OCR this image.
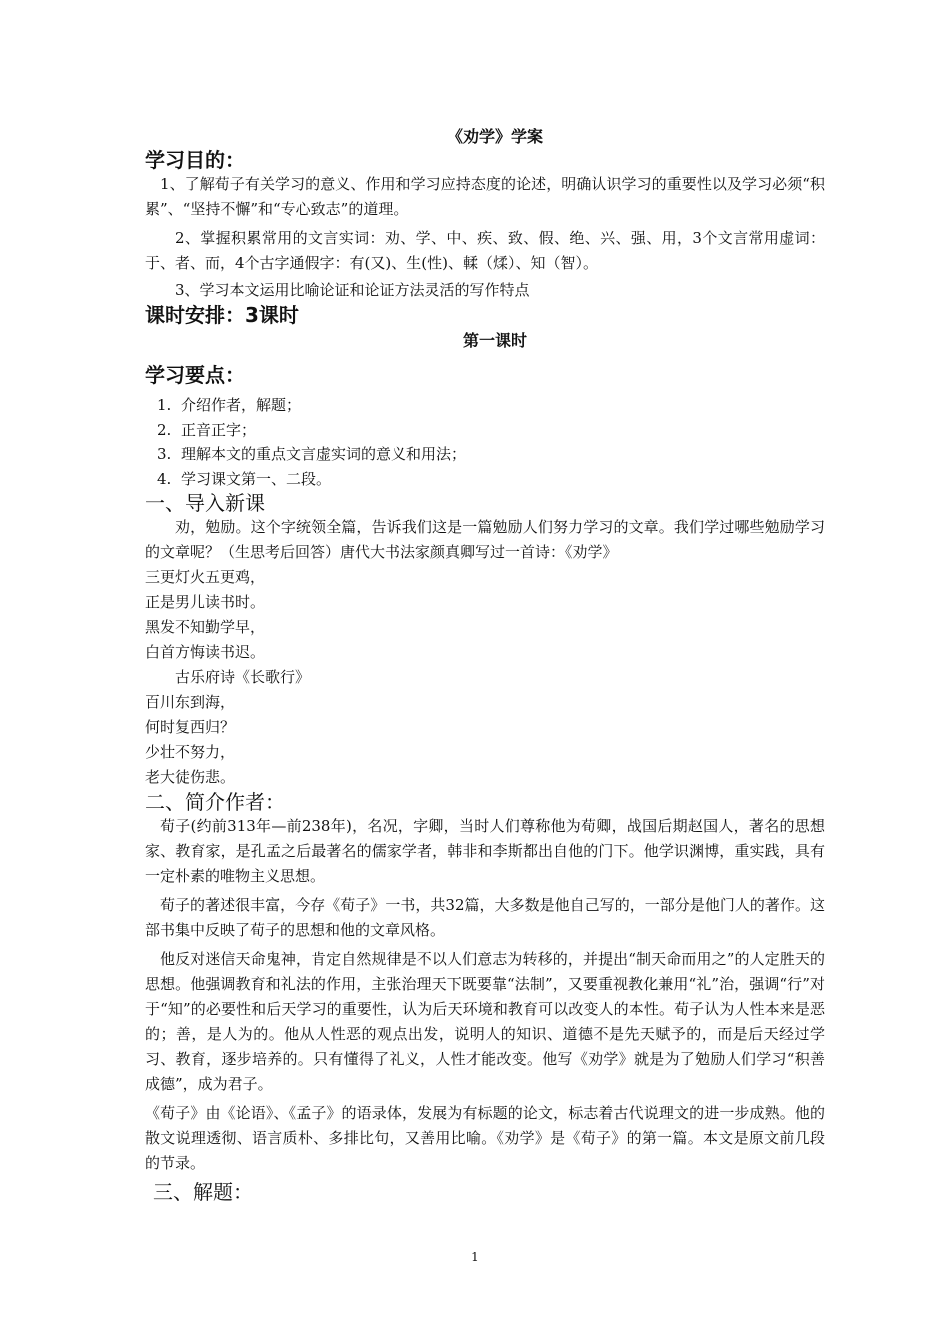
《劝学》学案

学习目的：

1、了解荀子有关学习的意义、作用和学习应持态度的论述，明确认识学习的重要性以及学习必须“积累”、“坚持不懈”和“专心致志”的道理。

2、掌握积累常用的文言实词：劝、学、中、疾、致、假、绝、兴、强、用，3个文言常用虚词：于、者、而，4个古字通假字：有(又)、生(性)、輮（煣）、知（智）。

3、学习本文运用比喻论证和论证方法灵活的写作特点

课时安排：3课时

第一课时

学习要点：

1. 介绍作者，解题；
2. 正音正字；
3. 理解本文的重点文言虚实词的意义和用法；
4. 学习课文第一、二段。

一、导入新课

劝，勉励。这个字统领全篇，告诉我们这是一篇勉励人们努力学习的文章。我们学过哪些勉励学习的文章呢？（生思考后回答）唐代大书法家颜真卿写过一首诗：《劝学》

三更灯火五更鸡，

正是男儿读书时。

黑发不知勤学早，

白首方悔读书迟。

古乐府诗《长歌行》

百川东到海，

何时复西归？

少壮不努力，

老大徒伤悲。

二、简介作者：

荀子(约前313年—前238年)，名况，字卿，当时人们尊称他为荀卿，战国后期赵国人，著名的思想家、教育家，是孔孟之后最著名的儒家学者，韩非和李斯都出自他的门下。他学识渊博，重实践，具有一定朴素的唯物主义思想。

荀子的著述很丰富，今存《荀子》一书，共32篇，大多数是他自己写的，一部分是他门人的著作。这部书集中反映了荀子的思想和他的文章风格。

他反对迷信天命鬼神，肯定自然规律是不以人们意志为转移的，并提出“制天命而用之”的人定胜天的思想。他强调教育和礼法的作用，主张治理天下既要靠“法制”，又要重视教化兼用“礼”治，强调“行”对于“知”的必要性和后天学习的重要性，认为后天环境和教育可以改变人的本性。荀子认为人性本来是恶的；善，是人为的。他从人性恶的观点出发，说明人的知识、道德不是先天赋予的，而是后天经过学习、教育，逐步培养的。只有懂得了礼义，人性才能改变。他写《劝学》就是为了勉励人们学习“积善成德”，成为君子。

《荀子》由《论语》、《孟子》的语录体，发展为有标题的论文，标志着古代说理文的进一步成熟。他的散文说理透彻、语言质朴、多排比句，又善用比喻。《劝学》是《荀子》的第一篇。本文是原文前几段的节录。

三、解题：

1
